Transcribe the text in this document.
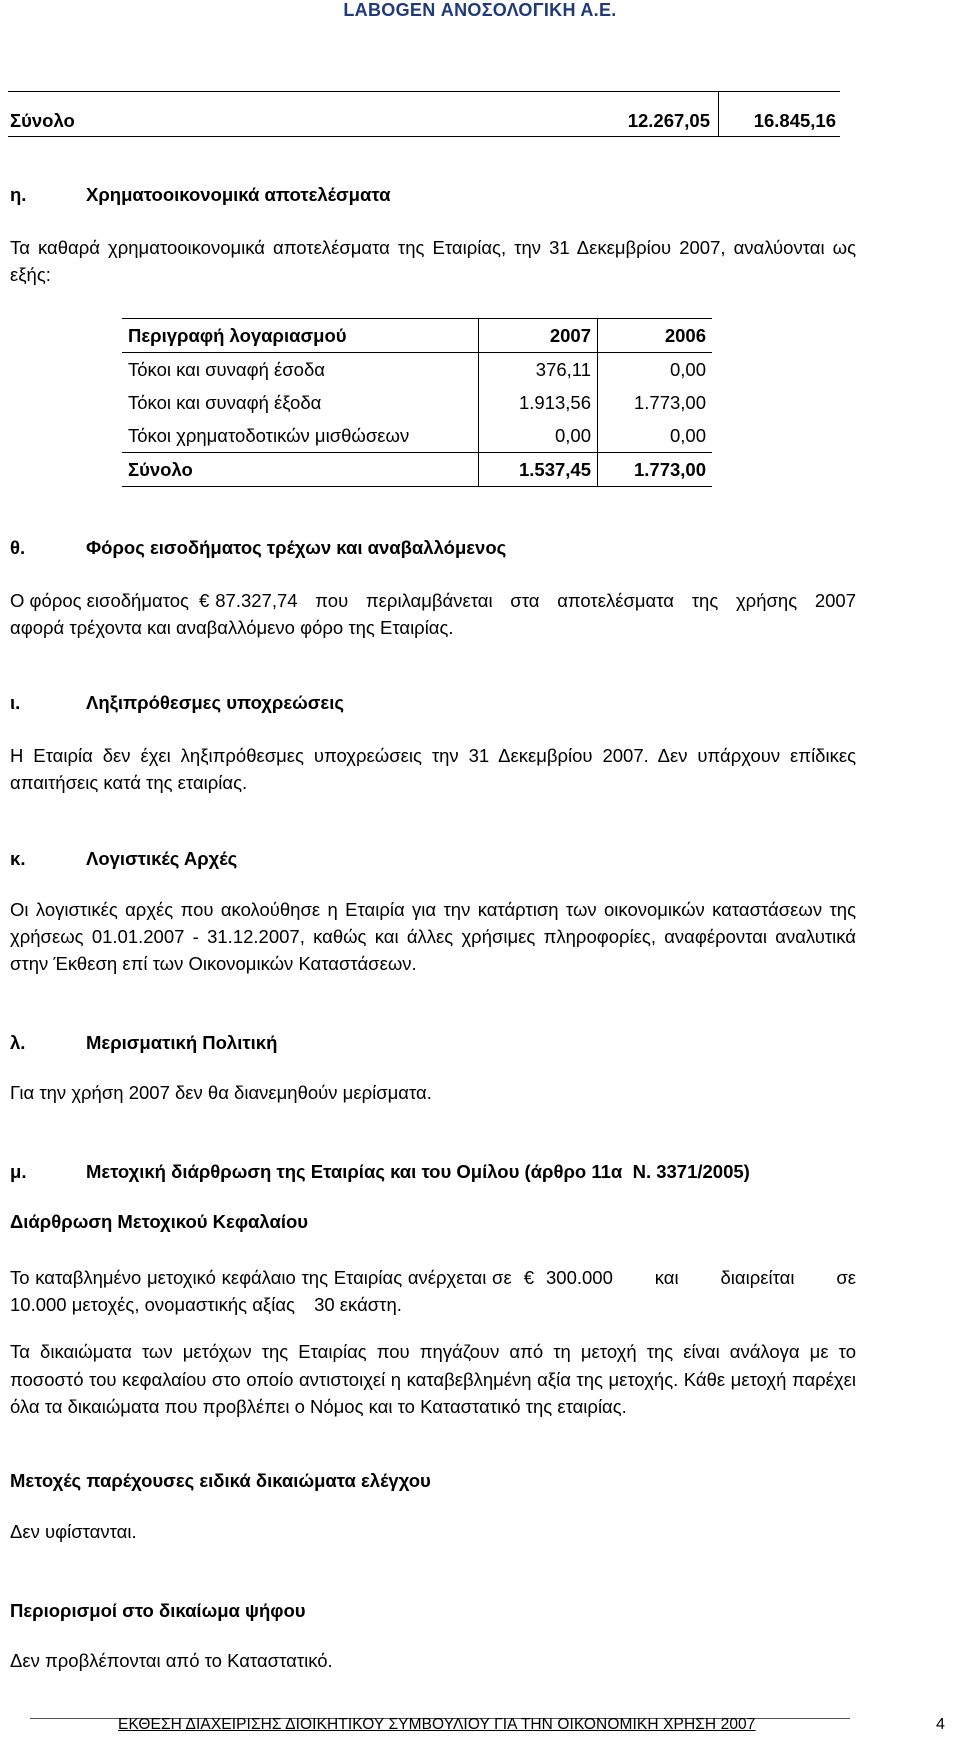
LABOGEN ΑΝΟΣΟΛΟΓΙΚΗ Α.Ε.
Σύνολο	12.267,05	16.845,16
η.	Χρηματοοικονομικά αποτελέσματα
Τα καθαρά χρηματοοικονομικά αποτελέσματα της Εταιρίας, την 31 Δεκεμβρίου 2007, αναλύονται ως εξής:
Περιγραφή λογαριασμού	2007	2006
Τόκοι και συναφή έσοδα	376,11	0,00
Τόκοι και συναφή έξοδα	1.913,56	1.773,00
Τόκοι χρηματοδοτικών μισθώσεων	0,00	0,00
Σύνολο	1.537,45	1.773,00
θ.	Φόρος εισοδήματος τρέχων και αναβαλλόμενος
Ο φόρος εισοδήματος € 87.327,74 που περιλαμβάνεται στα αποτελέσματα της χρήσης 2007
αφορά τρέχοντα και αναβαλλόμενο φόρο της Εταιρίας.
ι.	Ληξιπρόθεσμες υποχρεώσεις
Η Εταιρία δεν έχει ληξιπρόθεσμες υποχρεώσεις την 31 Δεκεμβρίου 2007. Δεν υπάρχουν επίδικες απαιτήσεις κατά της εταιρίας.
κ.	Λογιστικές Αρχές
Οι λογιστικές αρχές που ακολούθησε η Εταιρία για την κατάρτιση των οικονομικών καταστάσεων της χρήσεως 01.01.2007 - 31.12.2007, καθώς και άλλες χρήσιμες πληροφορίες, αναφέρονται αναλυτικά στην Έκθεση επί των Οικονομικών Καταστάσεων.
λ.	Μερισματική Πολιτική
Για την χρήση 2007 δεν θα διανεμηθούν μερίσματα.
μ.	Μετοχική διάρθρωση της Εταιρίας και του Ομίλου (άρθρο 11α  Ν. 3371/2005)
Διάρθρωση Μετοχικού Κεφαλαίου
Το καταβλημένο μετοχικό κεφάλαιο της Εταιρίας ανέρχεται σε € 300.000 και διαιρείται σε
10.000 μετοχές, ονομαστικής αξίας 30 εκάστη.
Τα δικαιώματα των μετόχων της Εταιρίας που πηγάζουν από τη μετοχή της είναι ανάλογα με το ποσοστό του κεφαλαίου στο οποίο αντιστοιχεί η καταβεβλημένη αξία της μετοχής. Κάθε μετοχή παρέχει όλα τα δικαιώματα που προβλέπει ο Νόμος και το Καταστατικό της εταιρίας.
Μετοχές παρέχουσες ειδικά δικαιώματα ελέγχου
Δεν υφίστανται.
Περιορισμοί στο δικαίωμα ψήφου
Δεν προβλέπονται από το Καταστατικό.
ΕΚΘΕΣΗ ΔΙΑΧΕΙΡΙΣΗΣ ΔΙΟΙΚΗΤΙΚΟΥ ΣΥΜΒΟΥΛΙΟΥ ΓΙΑ ΤΗΝ ΟΙΚΟΝΟΜΙΚΗ ΧΡΗΣΗ 2007	4
